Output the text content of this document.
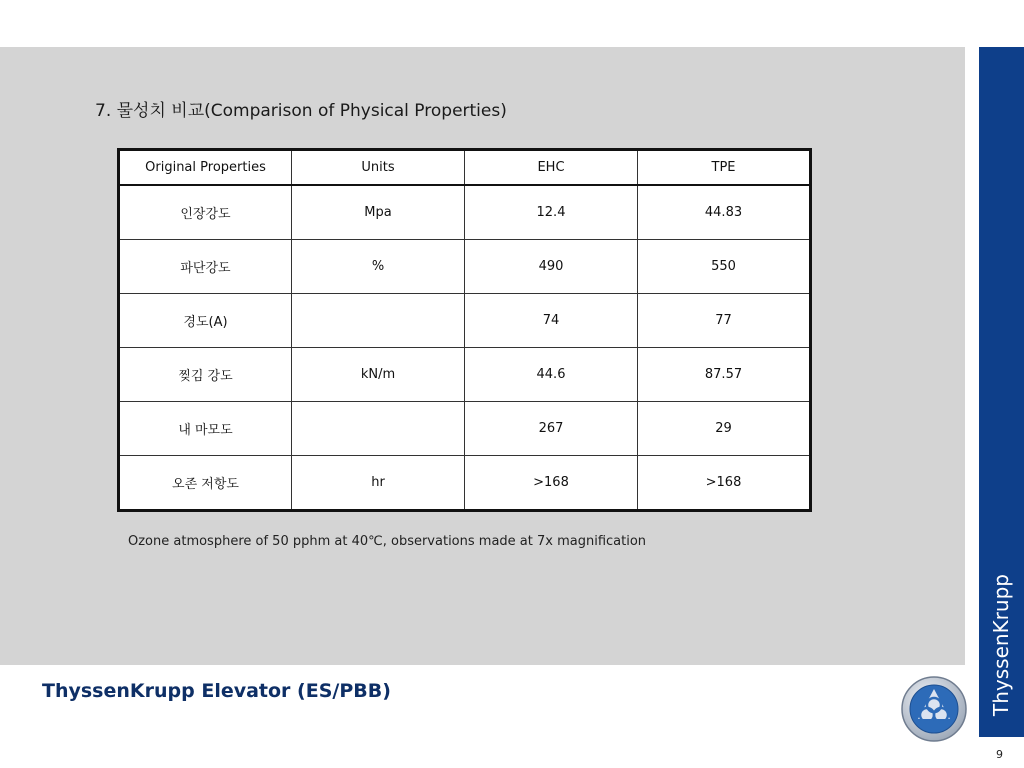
7. 물성치 비교(Comparison of Physical Properties)
Original Properties	Units	EHC	TPE
인장강도	Mpa	12.4	44.83
파단강도	%	490	550
경도(A)		74	77
찢김 강도	kN/m	44.6	87.57
내 마모도		267	29
오존 저항도	hr	>168	>168
Ozone atmosphere of 50 pphm at 40℃, observations made at 7x magnification
ThyssenKrupp
ThyssenKrupp Elevator (ES/PBB)
9
